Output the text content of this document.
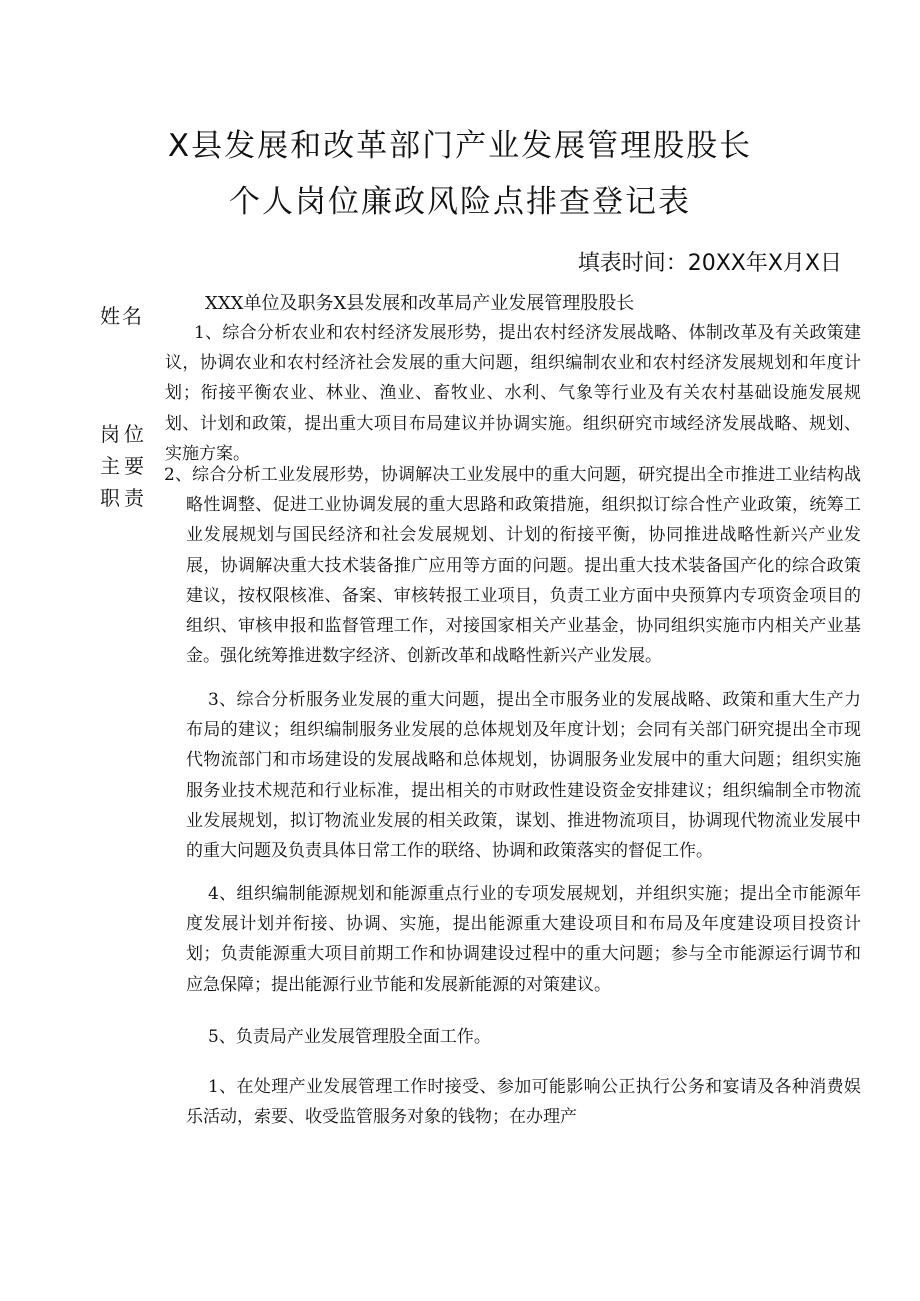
X县发展和改革部门产业发展管理股股长
个人岗位廉政风险点排查登记表
填表时间：20XX年X月X日
姓名
XXX单位及职务X县发展和改革局产业发展管理股股长
岗位
主要
职责
1、综合分析农业和农村经济发展形势，提出农村经济发展战略、体制改革及有关政策建议，协调农业和农村经济社会发展的重大问题，组织编制农业和农村经济发展规划和年度计划；衔接平衡农业、林业、渔业、畜牧业、水利、气象等行业及有关农村基础设施发展规划、计划和政策，提出重大项目布局建议并协调实施。组织研究市域经济发展战略、规划、实施方案。
2、综合分析工业发展形势，协调解决工业发展中的重大问题，研究提出全市推进工业结构战略性调整、促进工业协调发展的重大思路和政策措施，组织拟订综合性产业政策，统筹工业发展规划与国民经济和社会发展规划、计划的衔接平衡，协同推进战略性新兴产业发展，协调解决重大技术装备推广应用等方面的问题。提出重大技术装备国产化的综合政策建议，按权限核准、备案、审核转报工业项目，负责工业方面中央预算内专项资金项目的组织、审核申报和监督管理工作，对接国家相关产业基金，协同组织实施市内相关产业基金。强化统筹推进数字经济、创新改革和战略性新兴产业发展。
3、综合分析服务业发展的重大问题，提出全市服务业的发展战略、政策和重大生产力布局的建议；组织编制服务业发展的总体规划及年度计划；会同有关部门研究提出全市现代物流部门和市场建设的发展战略和总体规划，协调服务业发展中的重大问题；组织实施服务业技术规范和行业标准，提出相关的市财政性建设资金安排建议；组织编制全市物流业发展规划，拟订物流业发展的相关政策，谋划、推进物流项目，协调现代物流业发展中的重大问题及负责具体日常工作的联络、协调和政策落实的督促工作。
4、组织编制能源规划和能源重点行业的专项发展规划，并组织实施；提出全市能源年度发展计划并衔接、协调、实施，提出能源重大建设项目和布局及年度建设项目投资计划；负责能源重大项目前期工作和协调建设过程中的重大问题；参与全市能源运行调节和应急保障；提出能源行业节能和发展新能源的对策建议。
5、负责局产业发展管理股全面工作。
1、在处理产业发展管理工作时接受、参加可能影响公正执行公务和宴请及各种消费娱乐活动，索要、收受监管服务对象的钱物；在办理产
